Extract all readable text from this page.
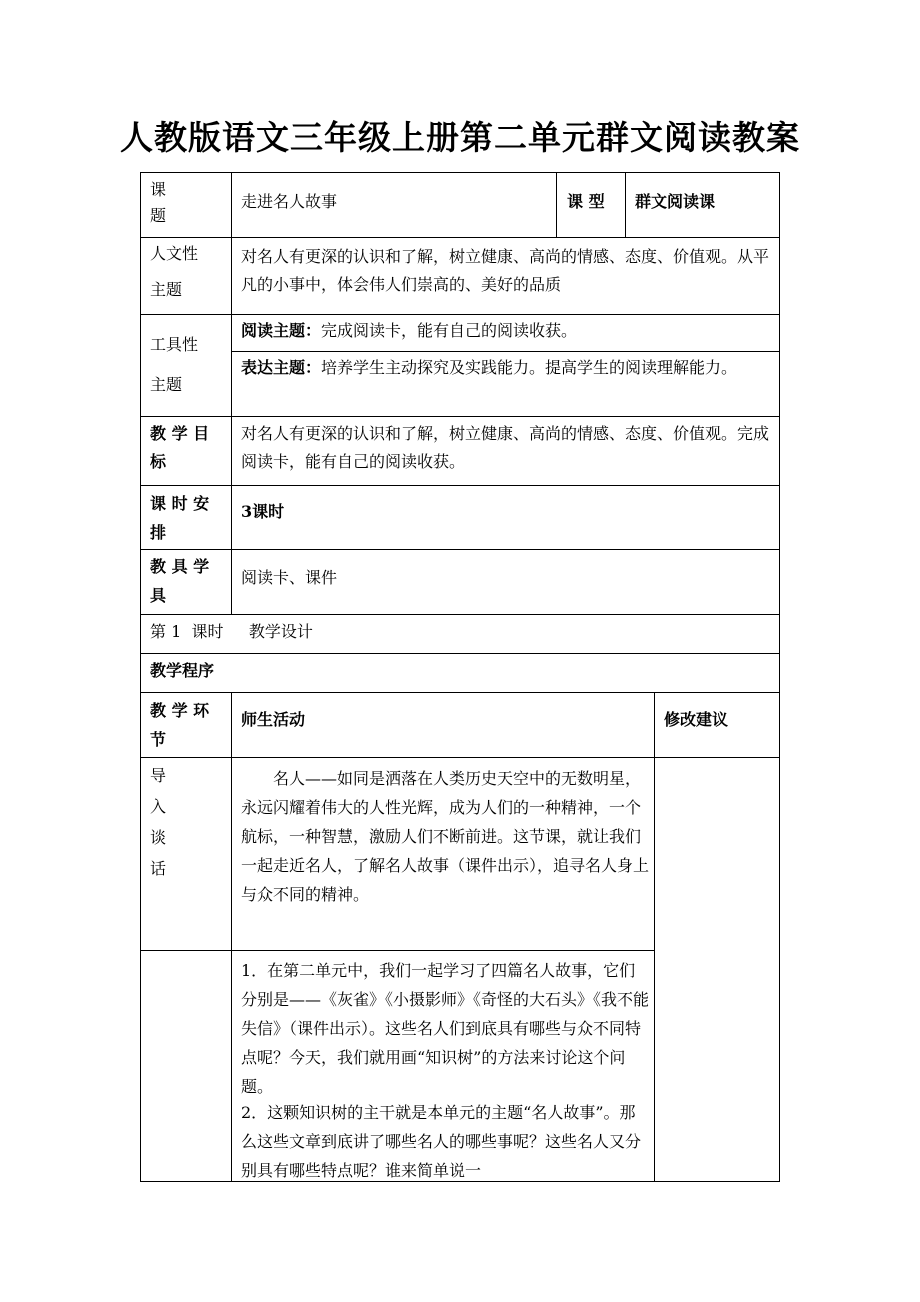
人教版语文三年级上册第二单元群文阅读教案
课
题
走进名人故事	课 型 群文阅读课
人文性
主题
对名人有更深的认识和了解，树立健康、高尚的情感、态度、价值观。从平凡的小事中，体会伟人们崇高的、美好的品质
工具性
主题
阅读主题：完成阅读卡，能有自己的阅读收获。
表达主题：培养学生主动探究及实践能力。提高学生的阅读理解能力。
教 学 目
标
对名人有更深的认识和了解，树立健康、高尚的情感、态度、价值观。完成阅读卡，能有自己的阅读收获。
课 时 安
排
3课时
教 具 学
具
阅读卡、课件
第 1  课时     教学设计
教学程序
教 学 环
节
师生活动	修改建议
导
入
谈
话
名人——如同是洒落在人类历史天空中的无数明星，永远闪耀着伟大的人性光辉，成为人们的一种精神，一个航标，一种智慧，激励人们不断前进。这节课，就让我们一起走近名人，了解名人故事（课件出示），追寻名人身上与众不同的精神。
1．在第二单元中，我们一起学习了四篇名人故事，它们分别是——《灰雀》《小摄影师》《奇怪的大石头》《我不能失信》（课件出示）。这些名人们到底具有哪些与众不同特点呢？今天，我们就用画“知识树”的方法来讨论这个问题。
2．这颗知识树的主干就是本单元的主题“名人故事”。那么这些文章到底讲了哪些名人的哪些事呢？这些名人又分别具有哪些特点呢？谁来简单说一
